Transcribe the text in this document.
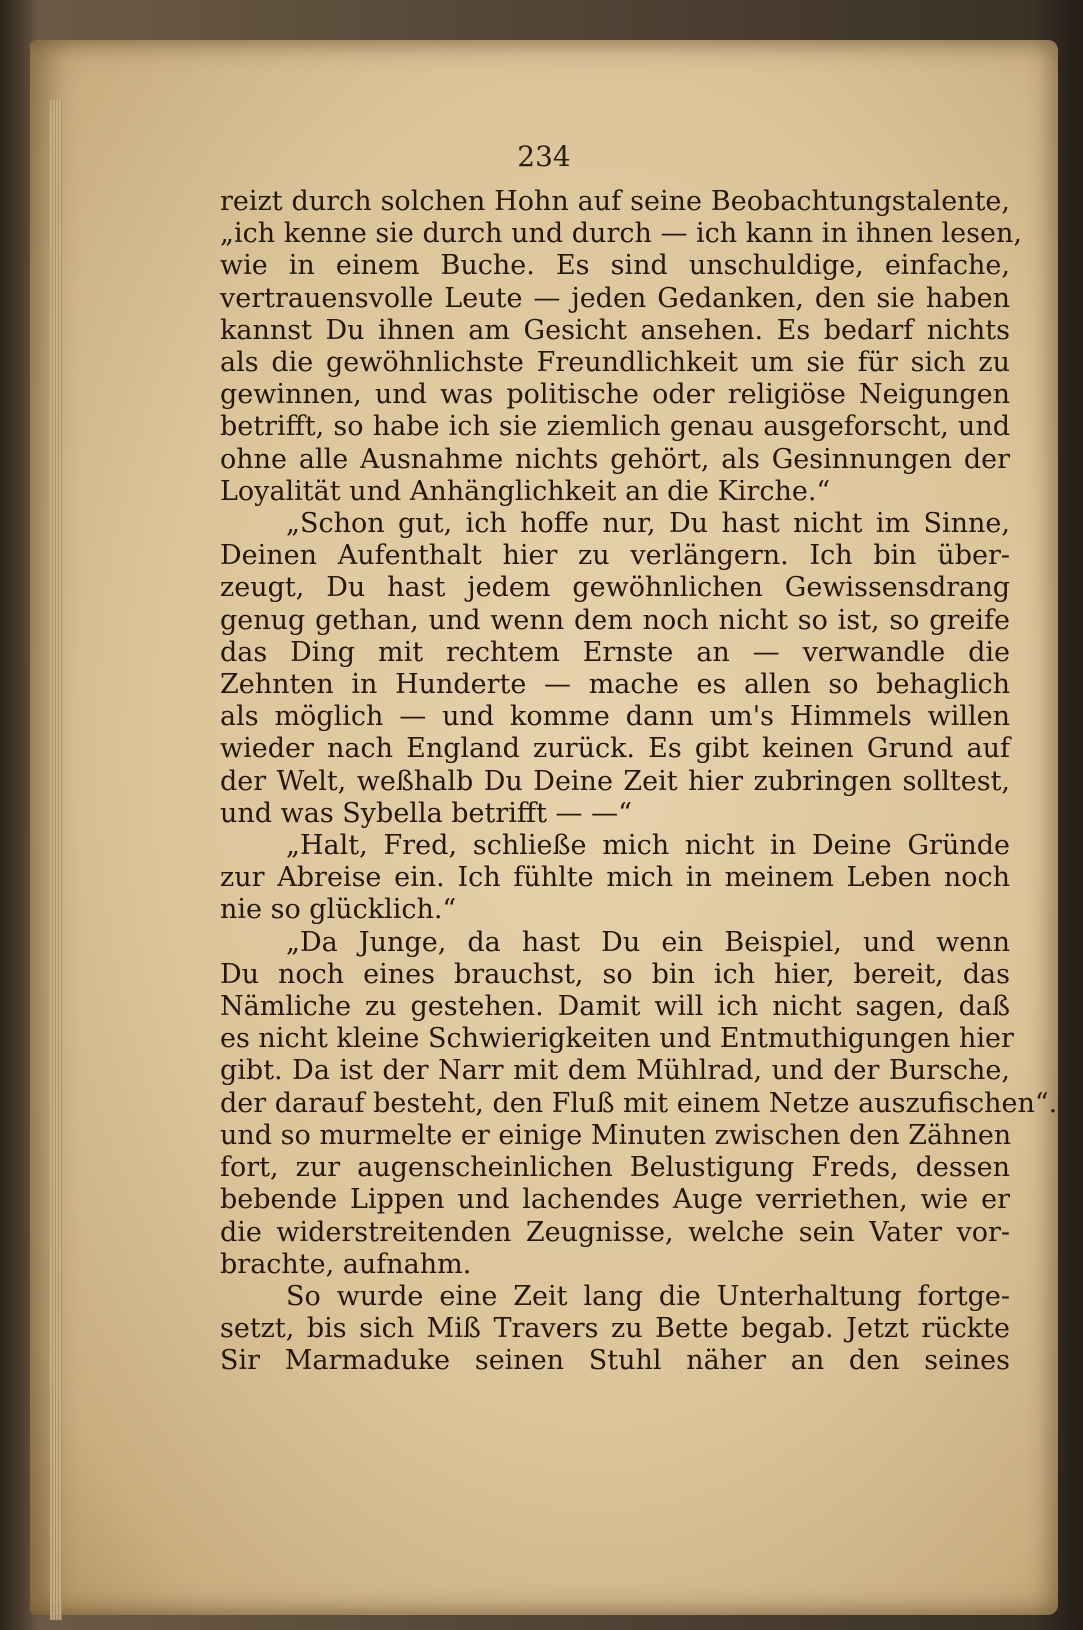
234
reizt durch solchen Hohn auf seine Beobachtungstalente,
„ich kenne sie durch und durch — ich kann in ihnen lesen,
wie in einem Buche. Es sind unschuldige, einfache,
vertrauensvolle Leute — jeden Gedanken, den sie haben
kannst Du ihnen am Gesicht ansehen. Es bedarf nichts
als die gewöhnlichste Freundlichkeit um sie für sich zu
gewinnen, und was politische oder religiöse Neigungen
betrifft, so habe ich sie ziemlich genau ausgeforscht, und
ohne alle Ausnahme nichts gehört, als Gesinnungen der
Loyalität und Anhänglichkeit an die Kirche.“
„Schon gut, ich hoffe nur, Du hast nicht im Sinne,
Deinen Aufenthalt hier zu verlängern. Ich bin über-
zeugt, Du hast jedem gewöhnlichen Gewissensdrang
genug gethan, und wenn dem noch nicht so ist, so greife
das Ding mit rechtem Ernste an — verwandle die
Zehnten in Hunderte — mache es allen so behaglich
als möglich — und komme dann um's Himmels willen
wieder nach England zurück. Es gibt keinen Grund auf
der Welt, weßhalb Du Deine Zeit hier zubringen solltest,
und was Sybella betrifft — —“
„Halt, Fred, schließe mich nicht in Deine Gründe
zur Abreise ein. Ich fühlte mich in meinem Leben noch
nie so glücklich.“
„Da Junge, da hast Du ein Beispiel, und wenn
Du noch eines brauchst, so bin ich hier, bereit, das
Nämliche zu gestehen. Damit will ich nicht sagen, daß
es nicht kleine Schwierigkeiten und Entmuthigungen hier
gibt. Da ist der Narr mit dem Mühlrad, und der Bursche,
der darauf besteht, den Fluß mit einem Netze auszufischen“.
und so murmelte er einige Minuten zwischen den Zähnen
fort, zur augenscheinlichen Belustigung Freds, dessen
bebende Lippen und lachendes Auge verriethen, wie er
die widerstreitenden Zeugnisse, welche sein Vater vor-
brachte, aufnahm.
So wurde eine Zeit lang die Unterhaltung fortge-
setzt, bis sich Miß Travers zu Bette begab. Jetzt rückte
Sir Marmaduke seinen Stuhl näher an den seines
